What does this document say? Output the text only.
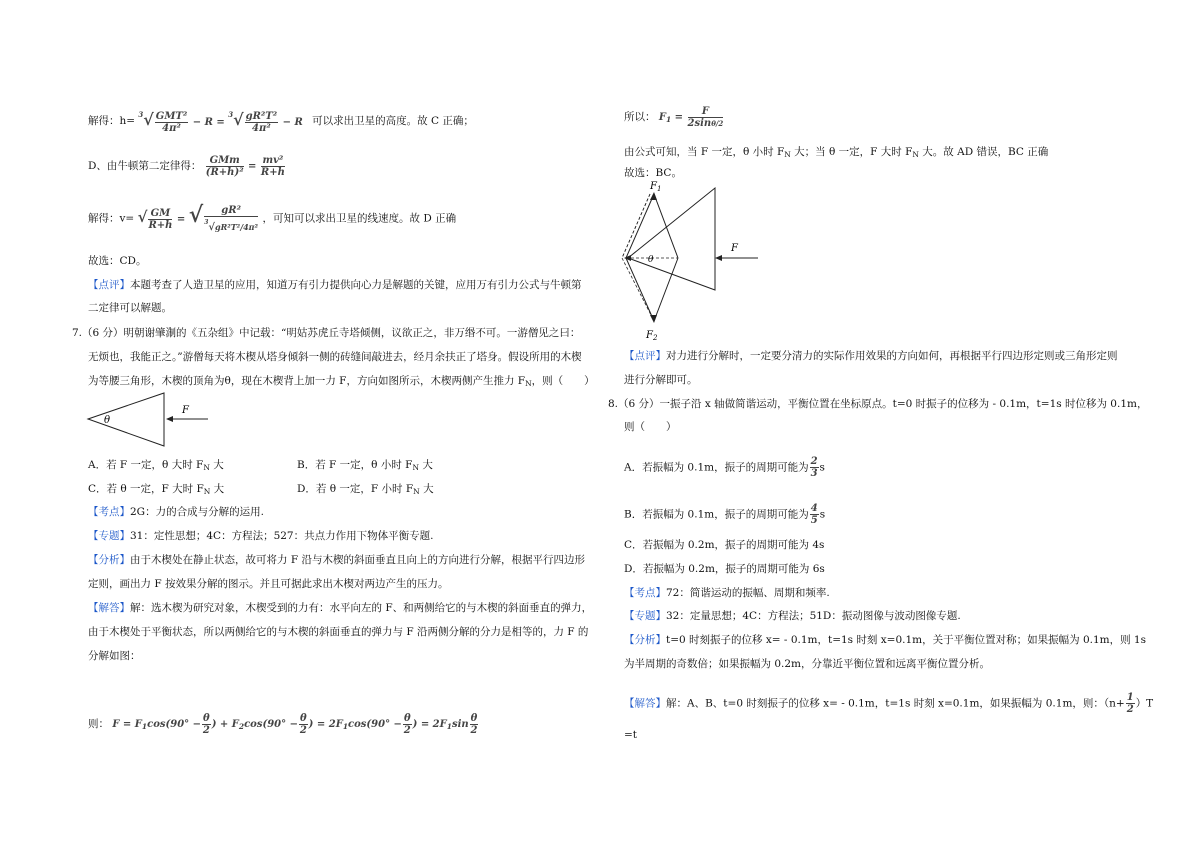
解得：$h= ^3√ \frac{\text{GMT²}}{\text{4π²}} - R = ^3√ \frac{\text{gR²T²}}{\text{4π²}} - R$ 可以求出卫星的高度。故 C 正确；
D、由牛顿第二定律得： $\frac{\text{GMm}}{\text{(R+h)²}} = \frac{\text{mv²}}{R+h}$
解得：v= √ $\frac{GM}{R+h}$ = √ $\frac{\text{gR²}}{^3√gR^2T^2/4\pi^2}$ ，可知可以求出卫星的线速度。故 D 正确
故选：CD。
【点评】本题考查了人造卫星的应用，知道万有引力提供向心力是解题的关键，应用万有引力公式与牛顿第
二定律可以解题。
7.（6 分）明朝谢肇淛的《五杂组》中记载：“明姑苏虎丘寺塔倾侧，议欲正之，非万缗不可。一游僧见之曰：
无烦也，我能正之。”游僧每天将木楔从塔身倾斜一侧的砖缝间敲进去，经月余扶正了塔身。假设所用的木楔
为等腰三角形，木楔的顶角为θ，现在木楔背上加一力 F，方向如图所示，木楔两侧产生推力 $F_N$，则（　　）
θ
F
A．若 F 一定，θ 大时 $F_N$ 大	B．若 F 一定，θ 小时 $F_N$ 大
C．若 θ 一定，F 大时 $F_N$ 大	D．若 θ 一定，F 小时 $F_N$ 大
【考点】2G：力的合成与分解的运用.
【专题】31：定性思想；4C：方程法；527：共点力作用下物体平衡专题.
【分析】由于木楔处在静止状态，故可将力 F 沿与木楔的斜面垂直且向上的方向进行分解，根据平行四边形
定则，画出力 F 按效果分解的图示。并且可据此求出木楔对两边产生的压力。
【解答】解：选木楔为研究对象，木楔受到的力有：水平向左的 F、和两侧给它的与木楔的斜面垂直的弹力，
由于木楔处于平衡状态，所以两侧给它的与木楔的斜面垂直的弹力与 F 沿两侧分解的分力是相等的，力 F 的
分解如图：
则： $F = F_1\cos(90^\circ - \frac{\theta}{2}$ ) + $F_2\cos(90^\circ - \frac{\theta}{2}$ ) = $2F_1\cos(90^\circ - \frac{\theta}{2}$ ) = $2F_1\sin \frac{\theta}{2}$
所以： $F_1 = \frac{F}{2\sin\theta/2}$
由公式可知，当 F 一定，θ 小时 $F_N$ 大；当 θ 一定，F 大时 $F_N$ 大。故 AD 错误，BC 正确
故选：BC。
F
θ
$F_1$
$F_2$
【点评】对力进行分解时，一定要分清力的实际作用效果的方向如何，再根据平行四边形定则或三角形定则
进行分解即可。
8.（6 分）一振子沿 x 轴做简谐运动，平衡位置在坐标原点。t=0 时振子的位移为 - 0.1m，t=1s 时位移为 0.1m，
则（　　）
A．若振幅为 0.1m，振子的周期可能为 $\frac{2}{3}$ s
B．若振幅为 0.1m，振子的周期可能为 $\frac{4}{5}$ s
C．若振幅为 0.2m，振子的周期可能为 4s
D．若振幅为 0.2m，振子的周期可能为 6s
【考点】72：简谐运动的振幅、周期和频率.
【专题】32：定量思想；4C：方程法；51D：振动图像与波动图像专题.
【分析】t=0 时刻振子的位移 x= - 0.1m，t=1s 时刻 x=0.1m，关于平衡位置对称；如果振幅为 0.1m，则 1s
为半周期的奇数倍；如果振幅为 0.2m，分靠近平衡位置和远离平衡位置分析。
【解答】解：A、B、t=0 时刻振子的位移 x= - 0.1m，t=1s 时刻 x=0.1m，如果振幅为 0.1m，则：$(n+ \frac{1}{2} )T$
=t
